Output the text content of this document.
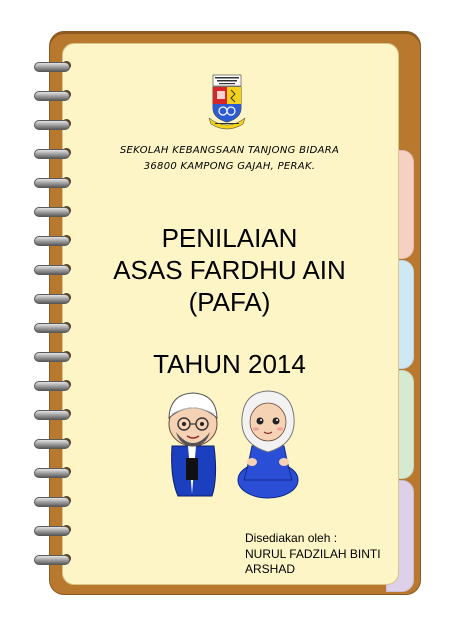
SEKOLAH KEBANGSAAN TANJONG BIDARA
36800 KAMPONG GAJAH, PERAK.
PENILAIAN
ASAS FARDHU AIN
(PAFA)
TAHUN 2014
Disediakan oleh :
NURUL FADZILAH BINTI
ARSHAD
